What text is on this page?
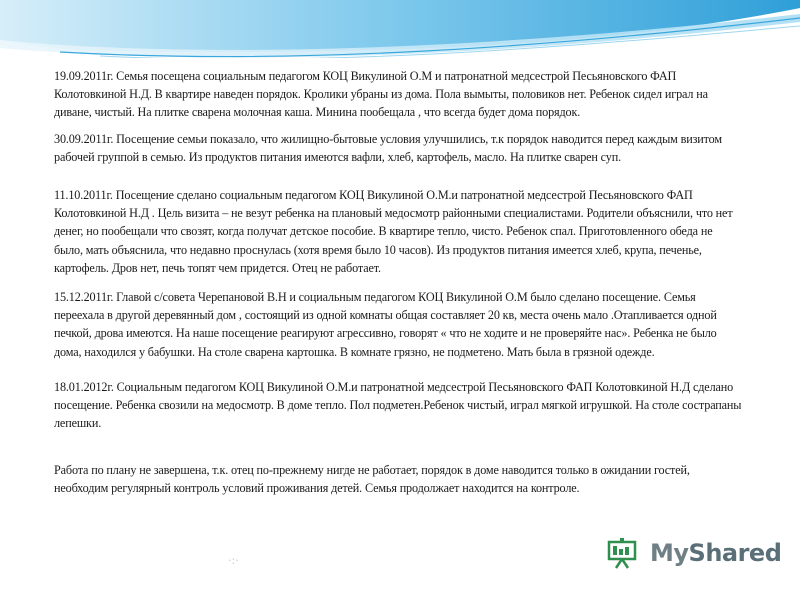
19.09.2011г. Семья посещена социальным педагогом КОЦ Викулиной О.М и патронатной медсестрой Песьяновского ФАП Колотовкиной Н.Д. В квартире наведен порядок. Кролики убраны из дома. Пола вымыты, половиков нет. Ребенок сидел играл на диване, чистый. На плитке сварена молочная каша. Минина пообещала , что всегда будет дома порядок.

30.09.2011г. Посещение семьи показало, что жилищно-бытовые условия улучшились, т.к порядок наводится перед каждым визитом рабочей группой в семью. Из продуктов питания имеются вафли, хлеб, картофель, масло. На плитке сварен суп.

11.10.2011г. Посещение сделано социальным педагогом КОЦ Викулиной О.М.и патронатной медсестрой Песьяновского ФАП Колотовкиной Н.Д . Цель визита – не везут ребенка на плановый медосмотр районными специалистами. Родители объяснили, что нет денег, но пообещали что свозят, когда получат детское пособие. В квартире тепло, чисто. Ребенок спал. Приготовленного обеда не было, мать объяснила, что недавно проснулась (хотя время было 10 часов). Из продуктов питания имеется хлеб, крупа, печенье, картофель. Дров нет, печь топят чем придется. Отец не работает.

15.12.2011г. Главой с/совета Черепановой В.Н и социальным педагогом КОЦ Викулиной О.М было сделано посещение. Семья переехала в другой деревянный дом , состоящий из одной комнаты общая составляет 20 кв, места очень мало .Отапливается одной печкой, дрова имеются. На наше посещение реагируют агрессивно, говорят « что не ходите и не проверяйте нас». Ребенка не было дома, находился у бабушки. На столе сварена картошка. В комнате грязно, не подметено. Мать была в грязной одежде.

18.01.2012г. Социальным педагогом КОЦ Викулиной О.М.и патронатной медсестрой Песьяновского ФАП Колотовкиной Н.Д сделано посещение. Ребенка свозили на медосмотр. В доме тепло. Пол подметен.Ребенок чистый, играл мягкой игрушкой. На столе сострапаны лепешки.

Работа по плану не завершена, т.к. отец по-прежнему нигде не работает, порядок в доме наводится только в ожидании гостей, необходим регулярный контроль условий проживания детей. Семья продолжает находится на контроле.

·:·	MyShared
